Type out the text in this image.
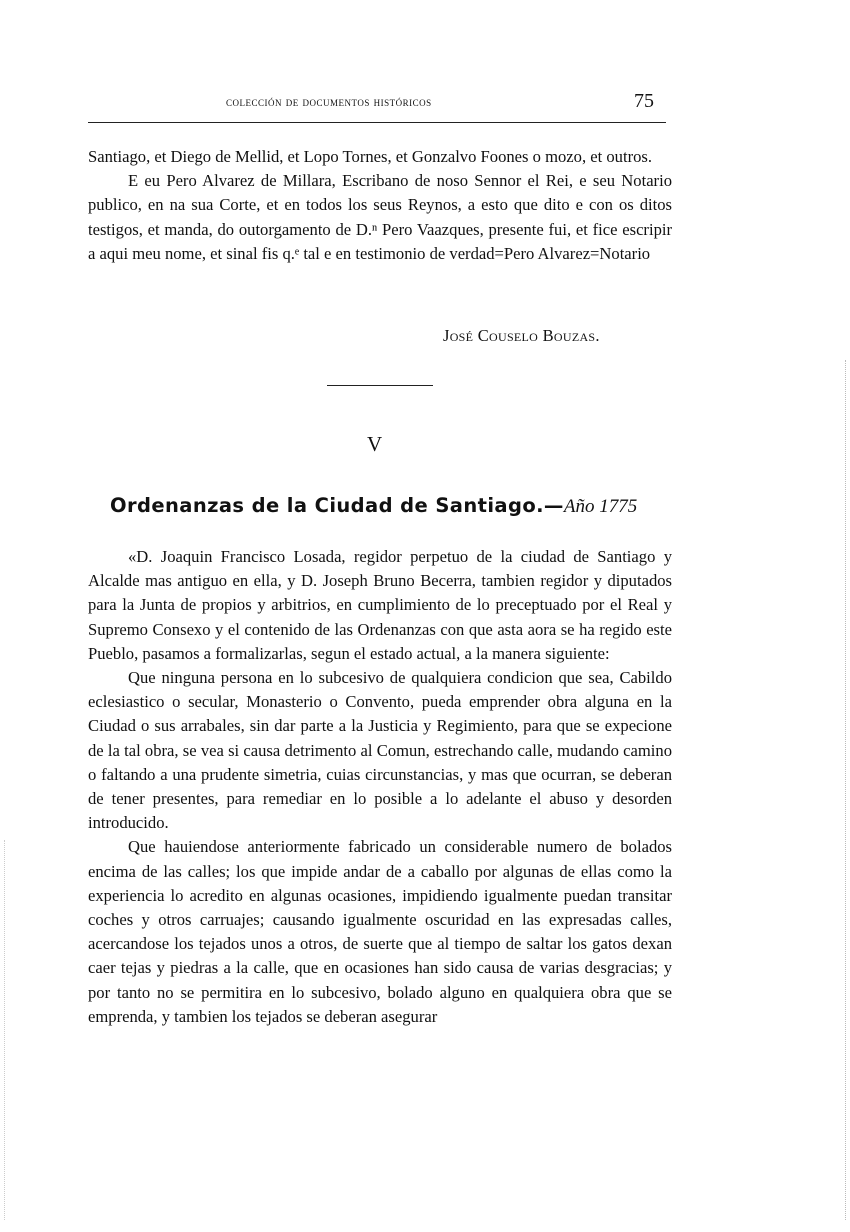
colección de documentos históricos	75

Santiago, et Diego de Mellid, et Lopo Tornes, et Gonzalvo Foones o mozo, et outros.

E eu Pero Alvarez de Millara, Escribano de noso Sennor el Rei, e seu Notario publico, en na sua Corte, et en todos los seus Reynos, a esto que dito e con os ditos testigos, et manda, do outorgamento de D.ⁿ Pero Vaazques, presente fui, et fice escripir a aqui meu nome, et sinal fis q.ᵉ tal e en testimonio de verdad=Pero Alvarez=Notario

José Couselo Bouzas.
V
Ordenanzas de la Ciudad de Santiago.—Año 1775

«D. Joaquin Francisco Losada, regidor perpetuo de la ciudad de Santiago y Alcalde mas antiguo en ella, y D. Joseph Bruno Becerra, tambien regidor y diputados para la Junta de propios y arbitrios, en cumplimiento de lo preceptuado por el Real y Supremo Consexo y el contenido de las Ordenanzas con que asta aora se ha regido este Pueblo, pasamos a formalizarlas, segun el estado actual, a la manera siguiente:

Que ninguna persona en lo subcesivo de qualquiera condicion que sea, Cabildo eclesiastico o secular, Monasterio o Convento, pueda emprender obra alguna en la Ciudad o sus arrabales, sin dar parte a la Justicia y Regimiento, para que se expecione de la tal obra, se vea si causa detrimento al Comun, estrechando calle, mudando camino o faltando a una prudente simetria, cuias circunstancias, y mas que ocurran, se deberan de tener presentes, para remediar en lo posible a lo adelante el abuso y desorden introducido.

Que hauiendose anteriormente fabricado un considerable numero de bolados encima de las calles; los que impide andar de a caballo por algunas de ellas como la experiencia lo acredito en algunas ocasiones, impidiendo igualmente puedan transitar coches y otros carruajes; causando igualmente oscuridad en las expresadas calles, acercandose los tejados unos a otros, de suerte que al tiempo de saltar los gatos dexan caer tejas y piedras a la calle, que en ocasiones han sido causa de varias desgracias; y por tanto no se permitira en lo subcesivo, bolado alguno en qualquiera obra que se emprenda, y tambien los tejados se deberan asegurar
